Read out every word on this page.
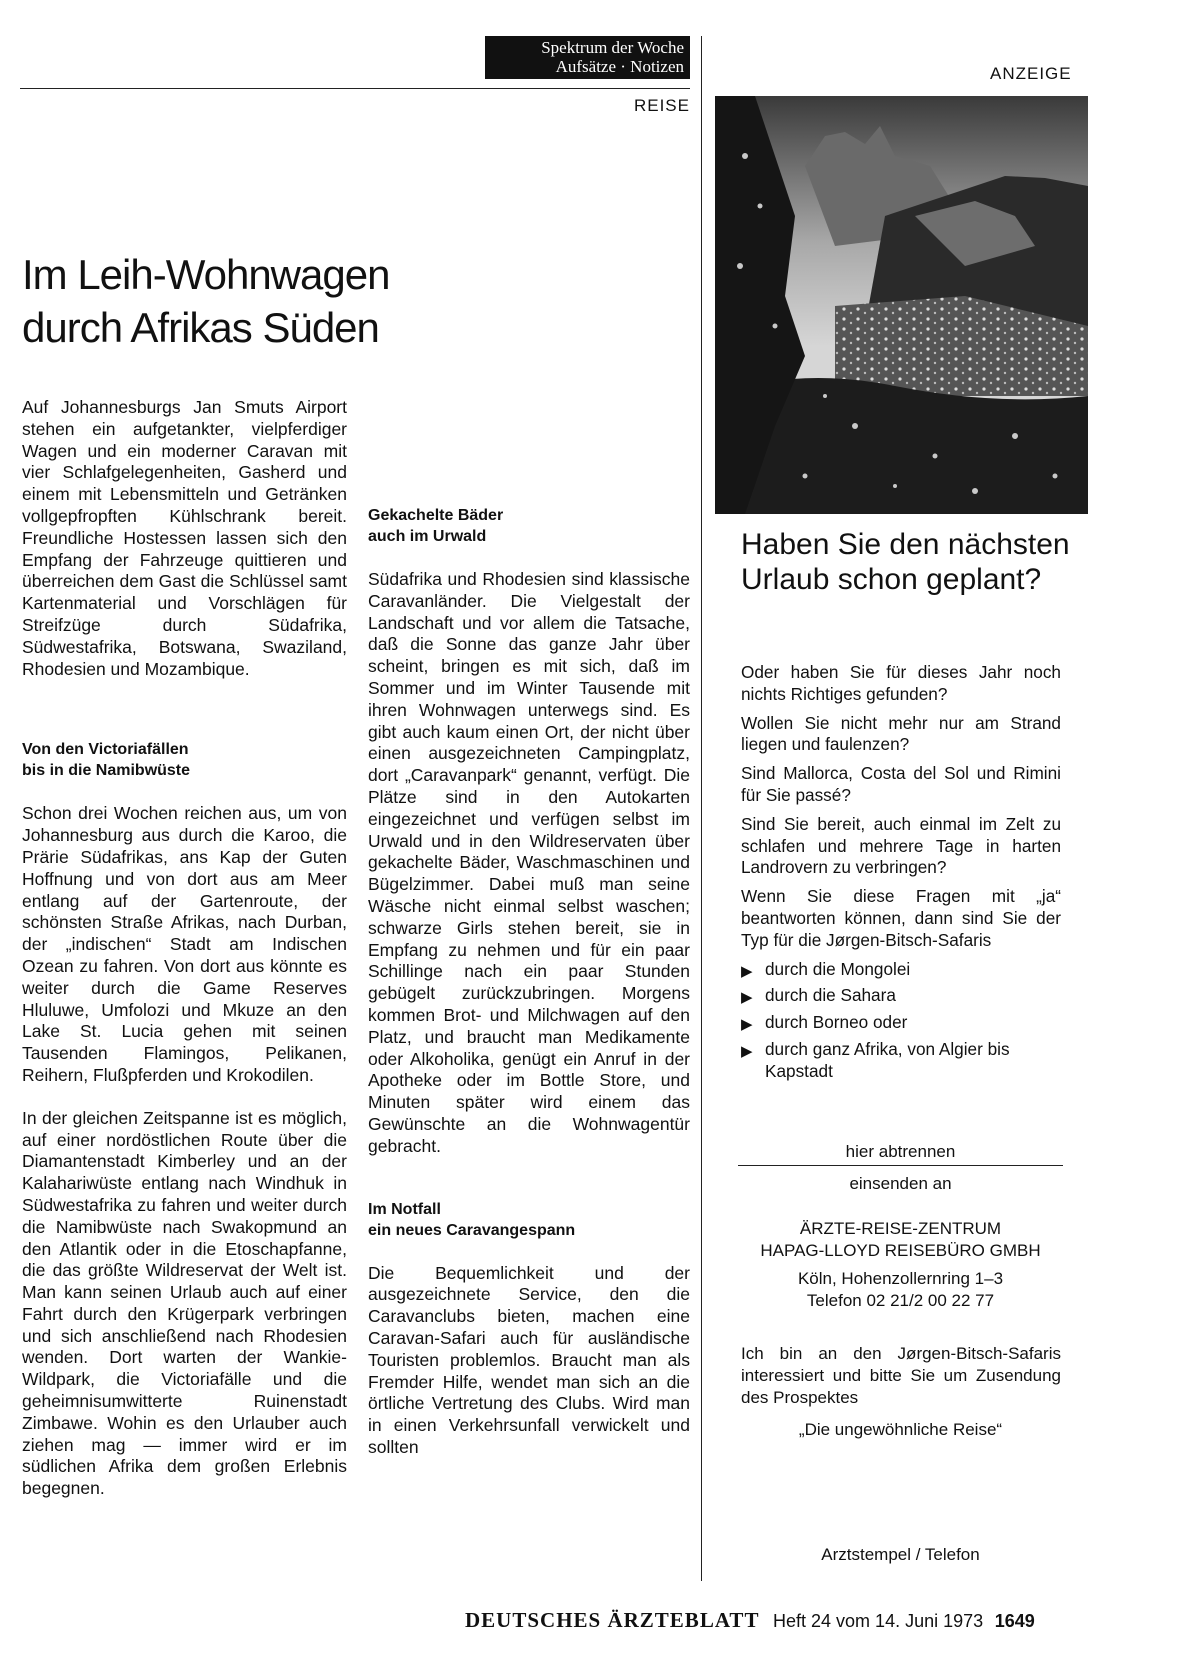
Spektrum der Woche
Aufsätze · Notizen
REISE
ANZEIGE
Im Leih-Wohnwagen
durch Afrikas Süden

Auf Johannesburgs Jan Smuts Airport stehen ein aufgetankter, vielpferdiger Wagen und ein moderner Caravan mit vier Schlafgelegenheiten, Gasherd und einem mit Lebensmitteln und Getränken vollgepfropften Kühlschrank bereit. Freundliche Hostessen lassen sich den Empfang der Fahrzeuge quittieren und überreichen dem Gast die Schlüssel samt Kartenmaterial und Vorschlägen für Streifzüge durch Südafrika, Südwestafrika, Botswana, Swaziland, Rhodesien und Mozambique.

Von den Victoriafällen
bis in die Namibwüste

Schon drei Wochen reichen aus, um von Johannesburg aus durch die Karoo, die Prärie Südafrikas, ans Kap der Guten Hoffnung und von dort aus am Meer entlang auf der Gartenroute, der schönsten Straße Afrikas, nach Durban, der „indischen“ Stadt am Indischen Ozean zu fahren. Von dort aus könnte es weiter durch die Game Reserves Hluluwe, Umfolozi und Mkuze an den Lake St. Lucia gehen mit seinen Tausenden Flamingos, Pelikanen, Reihern, Flußpferden und Krokodilen.

In der gleichen Zeitspanne ist es möglich, auf einer nordöstlichen Route über die Diamantenstadt Kimberley und an der Kalahariwüste entlang nach Windhuk in Südwestafrika zu fahren und weiter durch die Namibwüste nach Swakopmund an den Atlantik oder in die Etoschapfanne, die das größte Wildreservat der Welt ist. Man kann seinen Urlaub auch auf einer Fahrt durch den Krügerpark verbringen und sich anschließend nach Rhodesien wenden. Dort warten der Wankie-Wildpark, die Victoriafälle und die geheimnisumwitterte Ruinenstadt Zimbawe. Wohin es den Urlauber auch ziehen mag — immer wird er im südlichen Afrika dem großen Erlebnis begegnen.

Gekachelte Bäder
auch im Urwald

Südafrika und Rhodesien sind klassische Caravanländer. Die Vielgestalt der Landschaft und vor allem die Tatsache, daß die Sonne das ganze Jahr über scheint, bringen es mit sich, daß im Sommer und im Winter Tausende mit ihren Wohnwagen unterwegs sind. Es gibt auch kaum einen Ort, der nicht über einen ausgezeichneten Campingplatz, dort „Caravanpark“ genannt, verfügt. Die Plätze sind in den Autokarten eingezeichnet und verfügen selbst im Urwald und in den Wildreservaten über gekachelte Bäder, Waschmaschinen und Bügelzimmer. Dabei muß man seine Wäsche nicht einmal selbst waschen; schwarze Girls stehen bereit, sie in Empfang zu nehmen und für ein paar Schillinge nach ein paar Stunden gebügelt zurückzubringen. Morgens kommen Brot- und Milchwagen auf den Platz, und braucht man Medikamente oder Alkoholika, genügt ein Anruf in der Apotheke oder im Bottle Store, und Minuten später wird einem das Gewünschte an die Wohnwagentür gebracht.

Im Notfall
ein neues Caravangespann

Die Bequemlichkeit und der ausgezeichnete Service, den die Caravanclubs bieten, machen eine Caravan-Safari auch für ausländische Touristen problemlos. Braucht man als Fremder Hilfe, wendet man sich an die örtliche Vertretung des Clubs. Wird man in einen Verkehrsunfall verwickelt und sollten

Haben Sie den nächsten Urlaub schon geplant?

Oder haben Sie für dieses Jahr noch nichts Richtiges gefunden?

Wollen Sie nicht mehr nur am Strand liegen und faulenzen?

Sind Mallorca, Costa del Sol und Rimini für Sie passé?

Sind Sie bereit, auch einmal im Zelt zu schlafen und mehrere Tage in harten Landrovern zu verbringen?

Wenn Sie diese Fragen mit „ja“ beantworten können, dann sind Sie der Typ für die Jørgen-Bitsch-Safaris

▶ durch die Mongolei
▶ durch die Sahara
▶ durch Borneo oder
▶ durch ganz Afrika, von Algier bis Kapstadt
hier abtrennen
einsenden an
ÄRZTE-REISE-ZENTRUM
HAPAG-LLOYD REISEBÜRO GMBH
Köln, Hohenzollernring 1–3
Telefon 02 21/2 00 22 77
Ich bin an den Jørgen-Bitsch-Safaris interessiert und bitte Sie um Zusendung des Prospektes
„Die ungewöhnliche Reise“
Arztstempel / Telefon
DEUTSCHES ÄRZTEBLATT Heft 24 vom 14. Juni 1973 1649
